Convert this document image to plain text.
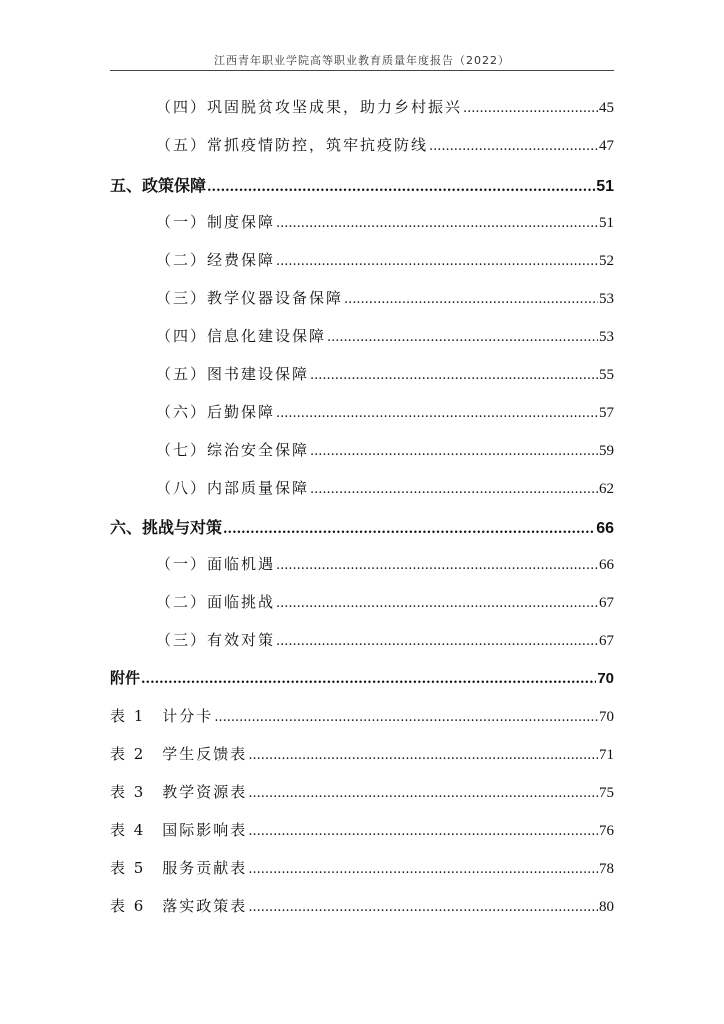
江西青年职业学院高等职业教育质量年度报告（2022）
（四）巩固脱贫攻坚成果，助力乡村振兴 .....	45
（五）常抓疫情防控，筑牢抗疫防线 .....	47
五、政策保障 .....	51
（一）制度保障 .....	51
（二）经费保障 .....	52
（三）教学仪器设备保障 .....	53
（四）信息化建设保障 .....	53
（五）图书建设保障 .....	55
（六）后勤保障 .....	57
（七）综治安全保障 .....	59
（八）内部质量保障 .....	62
六、挑战与对策 .....	66
（一）面临机遇 .....	66
（二）面临挑战 .....	67
（三）有效对策 .....	67
附件 .....	70
表 1　计分卡 .....	70
表 2　学生反馈表 .....	71
表 3　教学资源表 .....	75
表 4　国际影响表 .....	76
表 5　服务贡献表 .....	78
表 6　落实政策表 .....	80
